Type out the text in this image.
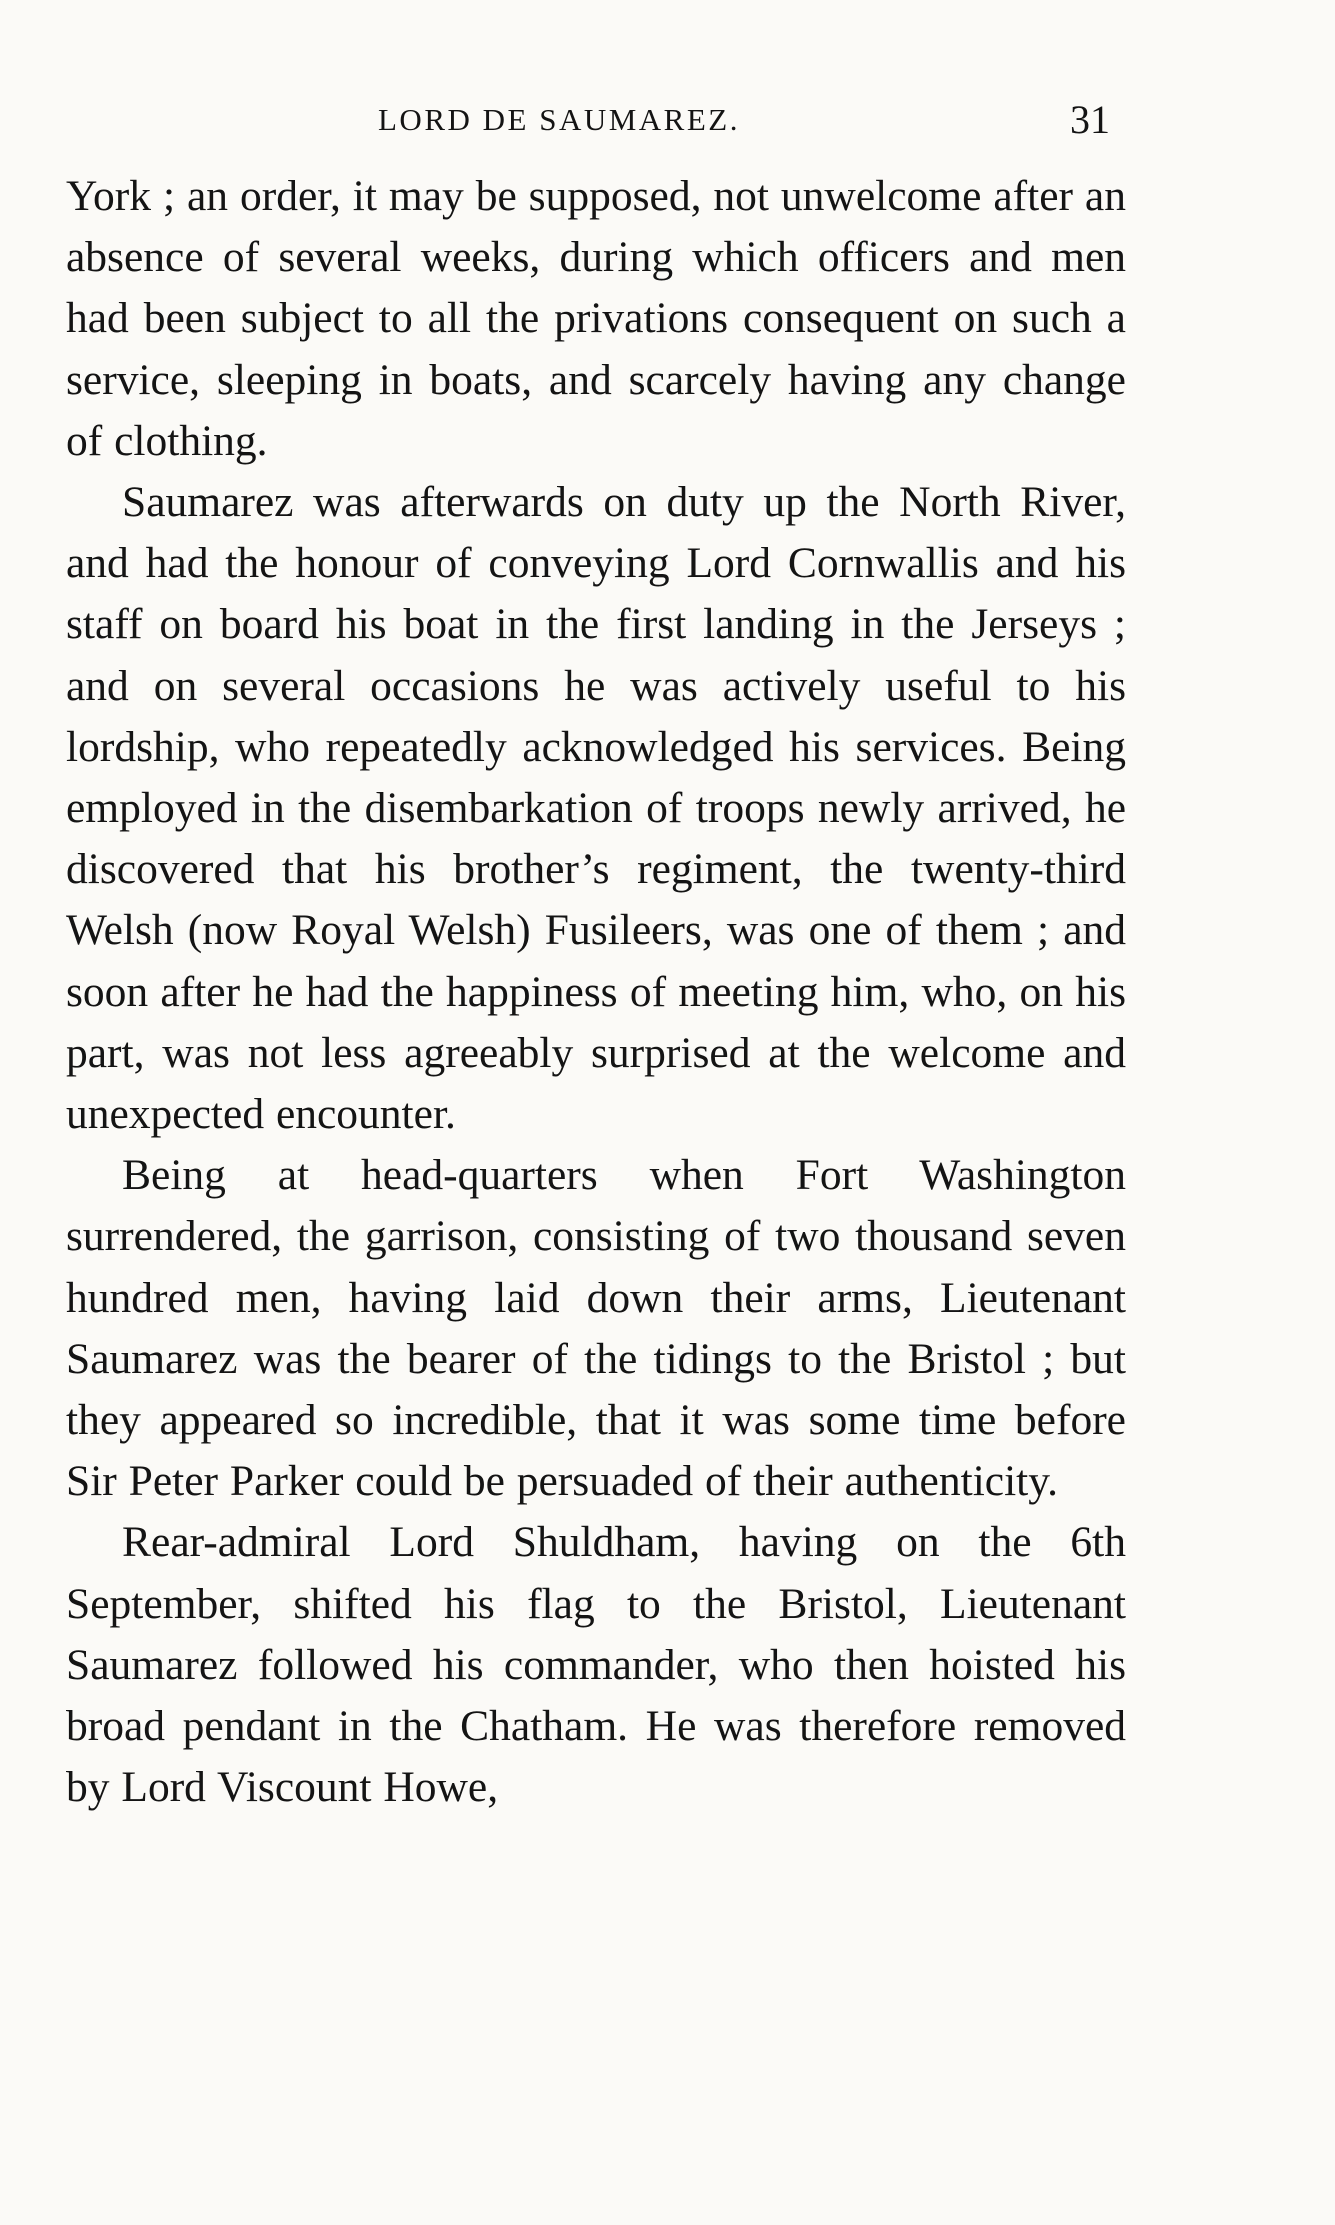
LORD DE SAUMAREZ.	31

York ; an order, it may be supposed, not unwelcome after an absence of several weeks, during which officers and men had been subject to all the privations consequent on such a service, sleeping in boats, and scarcely having any change of clothing.

Saumarez was afterwards on duty up the North River, and had the honour of conveying Lord Cornwallis and his staff on board his boat in the first landing in the Jerseys ; and on several occasions he was actively useful to his lordship, who repeatedly acknowledged his services. Being employed in the disembarkation of troops newly arrived, he discovered that his brother’s regiment, the twenty-third Welsh (now Royal Welsh) Fusileers, was one of them ; and soon after he had the happiness of meeting him, who, on his part, was not less agreeably surprised at the welcome and unexpected encounter.

Being at head-quarters when Fort Washington surrendered, the garrison, consisting of two thousand seven hundred men, having laid down their arms, Lieutenant Saumarez was the bearer of the tidings to the Bristol ; but they appeared so incredible, that it was some time before Sir Peter Parker could be persuaded of their authenticity.

Rear-admiral Lord Shuldham, having on the 6th September, shifted his flag to the Bristol, Lieutenant Saumarez followed his commander, who then hoisted his broad pendant in the Chatham. He was therefore removed by Lord Viscount Howe,
